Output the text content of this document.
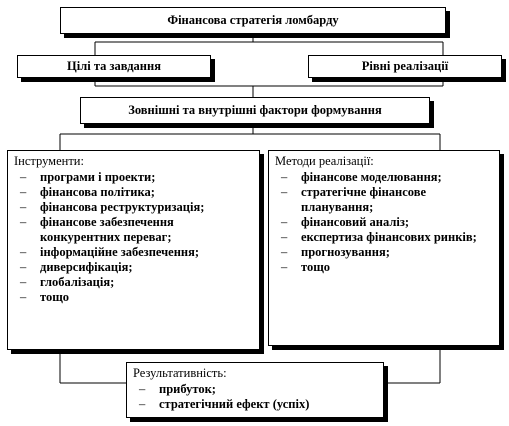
Фінансова стратегія ломбарду
Цілі та завдання	Рівні реалізації
Зовнішні та внутрішні фактори формування
Інструменти:
– програми і проекти;
– фінансова політика;
– фінансова реструктуризація;
– фінансове забезпечення конкурентних переваг;
– інформаційне забезпечення;
– диверсифікація;
– глобалізація;
– тощо
Методи реалізації:
– фінансове моделювання;
– стратегічне фінансове планування;
– фінансовий аналіз;
– експертиза фінансових ринків;
– прогнозування;
– тощо
Результативність:
– прибуток;
– стратегічний ефект (успіх)
